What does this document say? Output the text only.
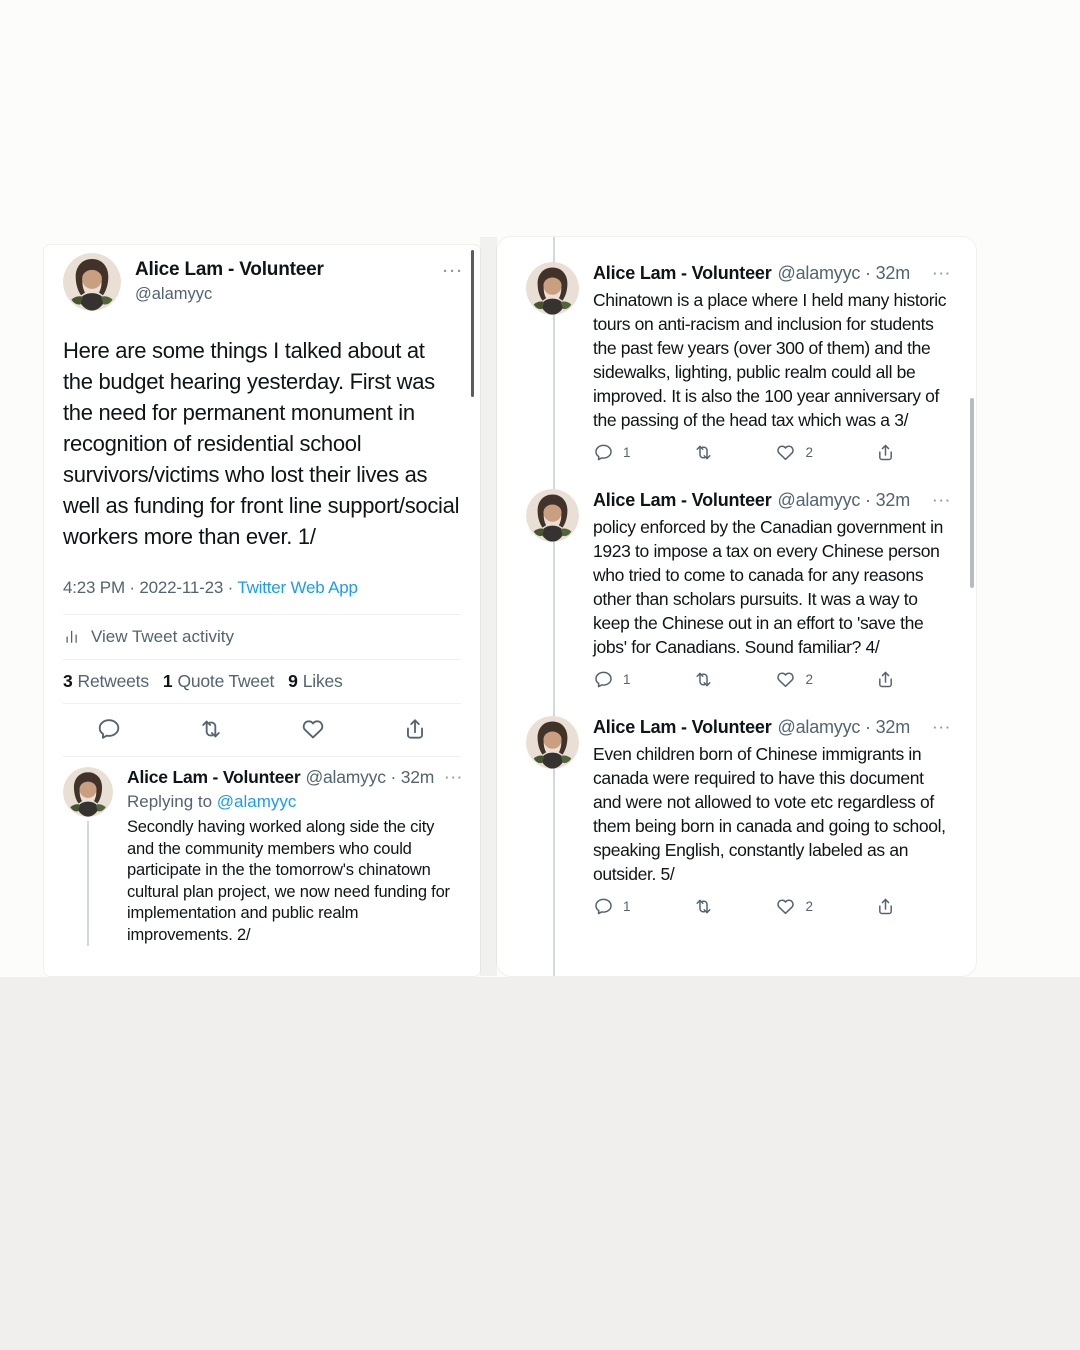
Alice Lam - Volunteer
@alamyyc
···
Here are some things I talked about at the budget hearing yesterday. First was the need for permanent monument in recognition of residential school survivors/victims who lost their lives as well as funding for front line support/social workers more than ever. 1/
4:23 PM · 2022-11-23 · Twitter Web App
View Tweet activity
3 Retweets 1 Quote Tweet 9 Likes
Alice Lam - Volunteer @alamyyc · 32m ···
Replying to @alamyyc
Secondly having worked along side the city and the community members who could participate in the the tomorrow's chinatown cultural plan project, we now need funding for implementation and public realm improvements. 2/
Alice Lam - Volunteer @alamyyc · 32m	···
Chinatown is a place where I held many historic tours on anti-racism and inclusion for students the past few years (over 300 of them) and the sidewalks, lighting, public realm could all be improved. It is also the 100 year anniversary of the passing of the head tax which was a 3/
1	2
Alice Lam - Volunteer @alamyyc · 32m	···
policy enforced by the Canadian government in 1923 to impose a tax on every Chinese person who tried to come to canada for any reasons other than scholars pursuits. It was a way to keep the Chinese out in an effort to 'save the jobs' for Canadians. Sound familiar? 4/
1	2
Alice Lam - Volunteer @alamyyc · 32m	···
Even children born of Chinese immigrants in canada were required to have this document and were not allowed to vote etc regardless of them being born in canada and going to school, speaking English, constantly labeled as an outsider. 5/
1	2
